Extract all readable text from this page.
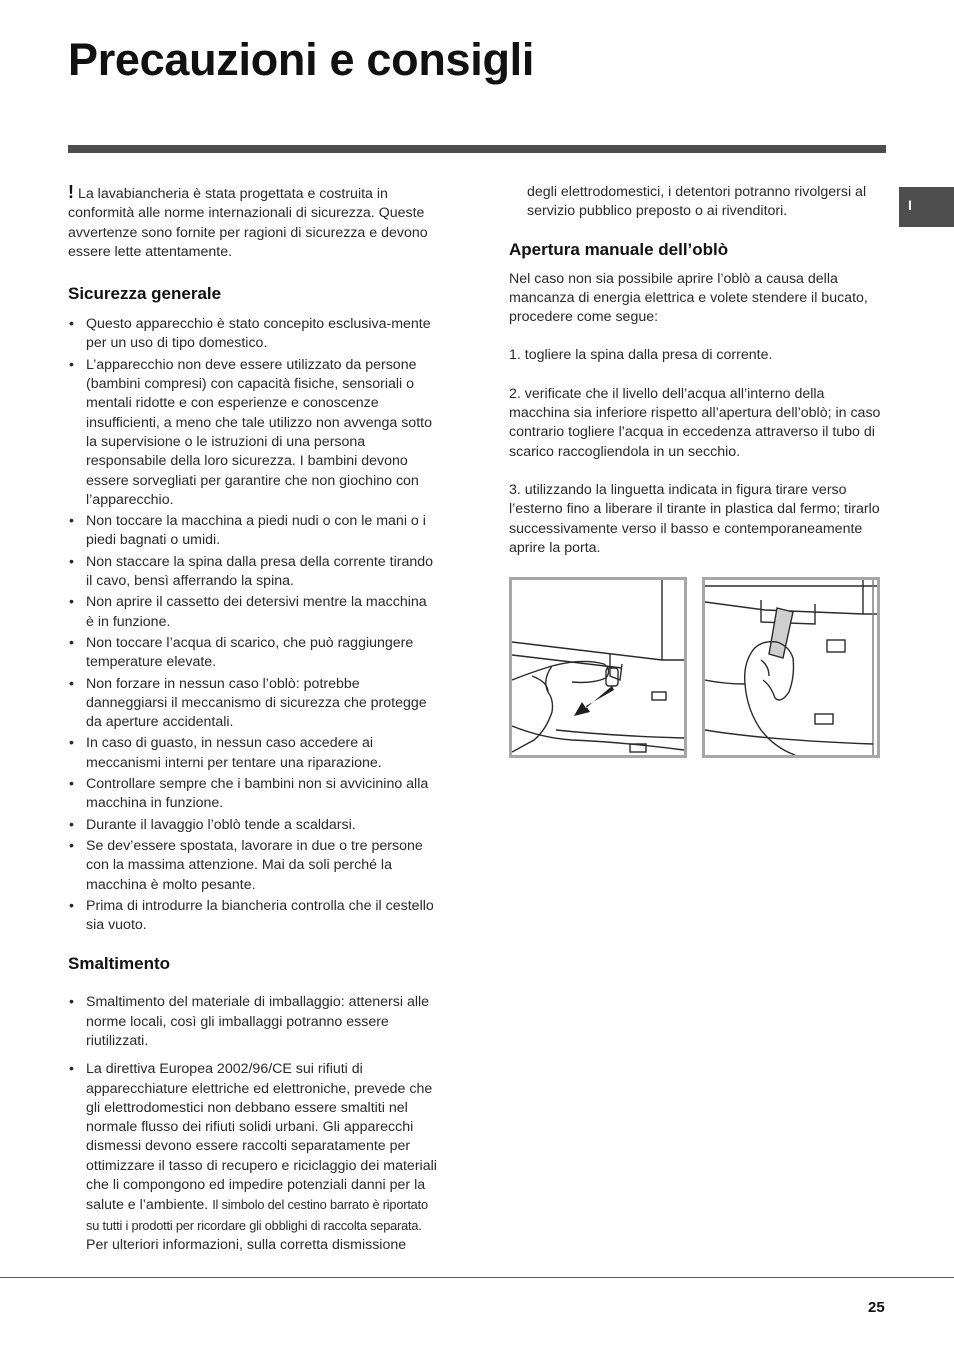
Precauzioni e consigli
I

! La lavabiancheria è stata progettata e costruita in conformità alle norme internazionali di sicurezza. Queste avvertenze sono fornite per ragioni di sicurezza e devono essere lette attentamente.

Sicurezza generale
• Questo apparecchio è stato concepito esclusiva-mente per un uso di tipo domestico.
• L’apparecchio non deve essere utilizzato da persone (bambini compresi) con capacità fisiche, sensoriali o mentali ridotte e con esperienze e conoscenze insufficienti, a meno che tale utilizzo non avvenga sotto la supervisione o le istruzioni di una persona responsabile della loro sicurezza. I bambini devono essere sorvegliati per garantire che non giochino con l’apparecchio.
• Non toccare la macchina a piedi nudi o con le mani o i piedi bagnati o umidi.
• Non staccare la spina dalla presa della corrente tirando il cavo, bensì afferrando la spina.
• Non aprire il cassetto dei detersivi mentre la macchina è in funzione.
• Non toccare l’acqua di scarico, che può raggiungere temperature elevate.
• Non forzare in nessun caso l’oblò: potrebbe danneggiarsi il meccanismo di sicurezza che protegge da aperture accidentali.
• In caso di guasto, in nessun caso accedere ai meccanismi interni per tentare una riparazione.
• Controllare sempre che i bambini non si avvicinino alla macchina in funzione.
• Durante il lavaggio l’oblò tende a scaldarsi.
• Se dev’essere spostata, lavorare in due o tre persone con la massima attenzione. Mai da soli perché la macchina è molto pesante.
• Prima di introdurre la biancheria controlla che il cestello sia vuoto.
Smaltimento
• Smaltimento del materiale di imballaggio: attenersi alle norme locali, così gli imballaggi potranno essere riutilizzati.
• La direttiva Europea 2002/96/CE sui rifiuti di apparecchiature elettriche ed elettroniche, prevede che gli elettrodomestici non debbano essere smaltiti nel normale flusso dei rifiuti solidi urbani. Gli apparecchi dismessi devono essere raccolti separatamente per ottimizzare il tasso di recupero e riciclaggio dei materiali che li compongono ed impedire potenziali danni per la salute e l’ambiente. Il simbolo del cestino barrato è riportato su tutti i prodotti per ricordare gli obblighi di raccolta separata. Per ulteriori informazioni, sulla corretta dismissione

degli elettrodomestici, i detentori potranno rivolgersi al servizio pubblico preposto o ai rivenditori.

Apertura manuale dell’oblò

Nel caso non sia possibile aprire l’oblò a causa della mancanza di energia elettrica e volete stendere il bucato, procedere come segue:

1. togliere la spina dalla presa di corrente.

2. verificate che il livello dell’acqua all’interno della macchina sia inferiore rispetto all’apertura dell’oblò; in caso contrario togliere l’acqua in eccedenza attraverso il tubo di scarico raccogliendola in un secchio.

3. utilizzando la linguetta indicata in figura tirare verso l’esterno fino a liberare il tirante in plastica dal fermo; tirarlo successivamente verso il basso e contemporaneamente aprire la porta.

25
